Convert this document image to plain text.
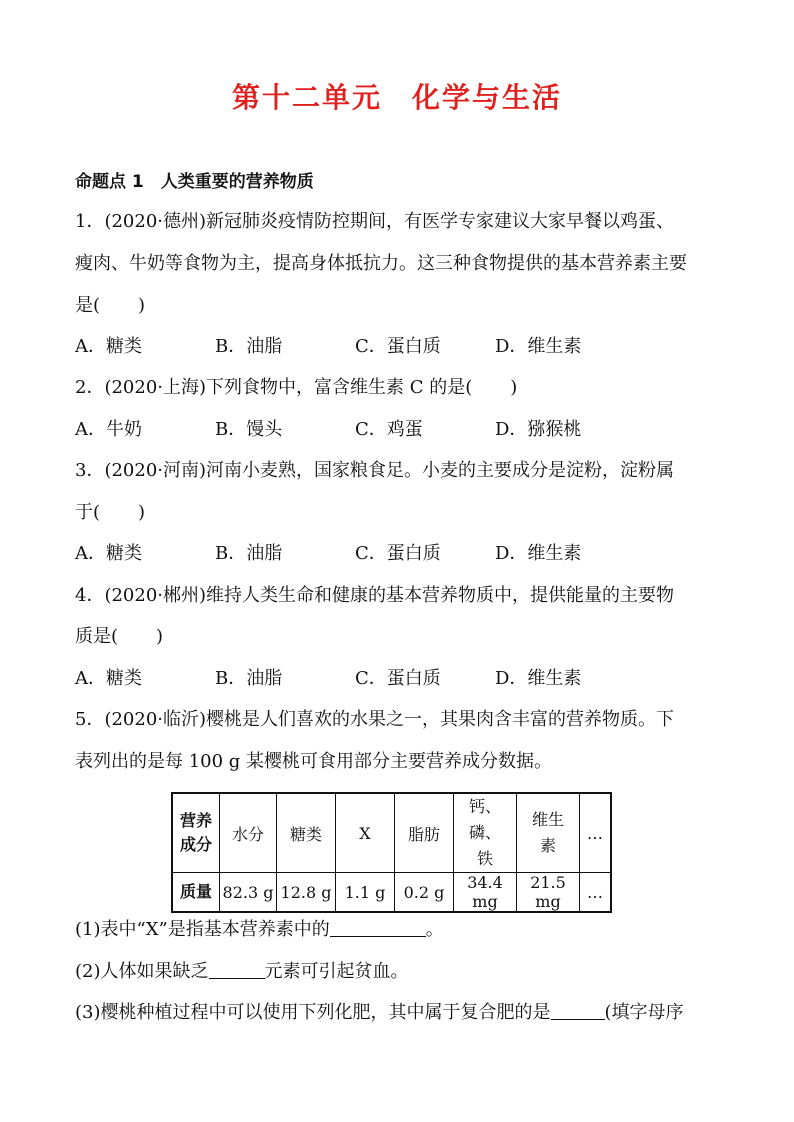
第十二单元 化学与生活
命题点 1　人类重要的营养物质
1．(2020·德州)新冠肺炎疫情防控期间，有医学专家建议大家早餐以鸡蛋、
瘦肉、牛奶等食物为主，提高身体抵抗力。这三种食物提供的基本营养素主要
是( )
A．糖类	B．油脂	C．蛋白质	D．维生素
2．(2020·上海)下列食物中，富含维生素 C 的是( )
A．牛奶	B．馒头	C．鸡蛋	D．猕猴桃
3．(2020·河南)河南小麦熟，国家粮食足。小麦的主要成分是淀粉，淀粉属
于( )
A．糖类	B．油脂	C．蛋白质	D．维生素
4．(2020·郴州)维持人类生命和健康的基本营养物质中，提供能量的主要物
质是( )
A．糖类	B．油脂	C．蛋白质	D．维生素
5．(2020·临沂)樱桃是人们喜欢的水果之一，其果肉含丰富的营养物质。下
表列出的是每 100 g 某樱桃可食用部分主要营养成分数据。
营养
成分	水分	糖类	X	脂肪	钙、磷、
铁	维生
素	…
质量	82.3 g	12.8 g	1.1 g	0.2 g	34.4 mg	21.5 mg	…
(1)表中“X”是指基本营养素中的	。
(2)人体如果缺乏	元素可引起贫血。
(3)樱桃种植过程中可以使用下列化肥，其中属于复合肥的是	(填字母序
